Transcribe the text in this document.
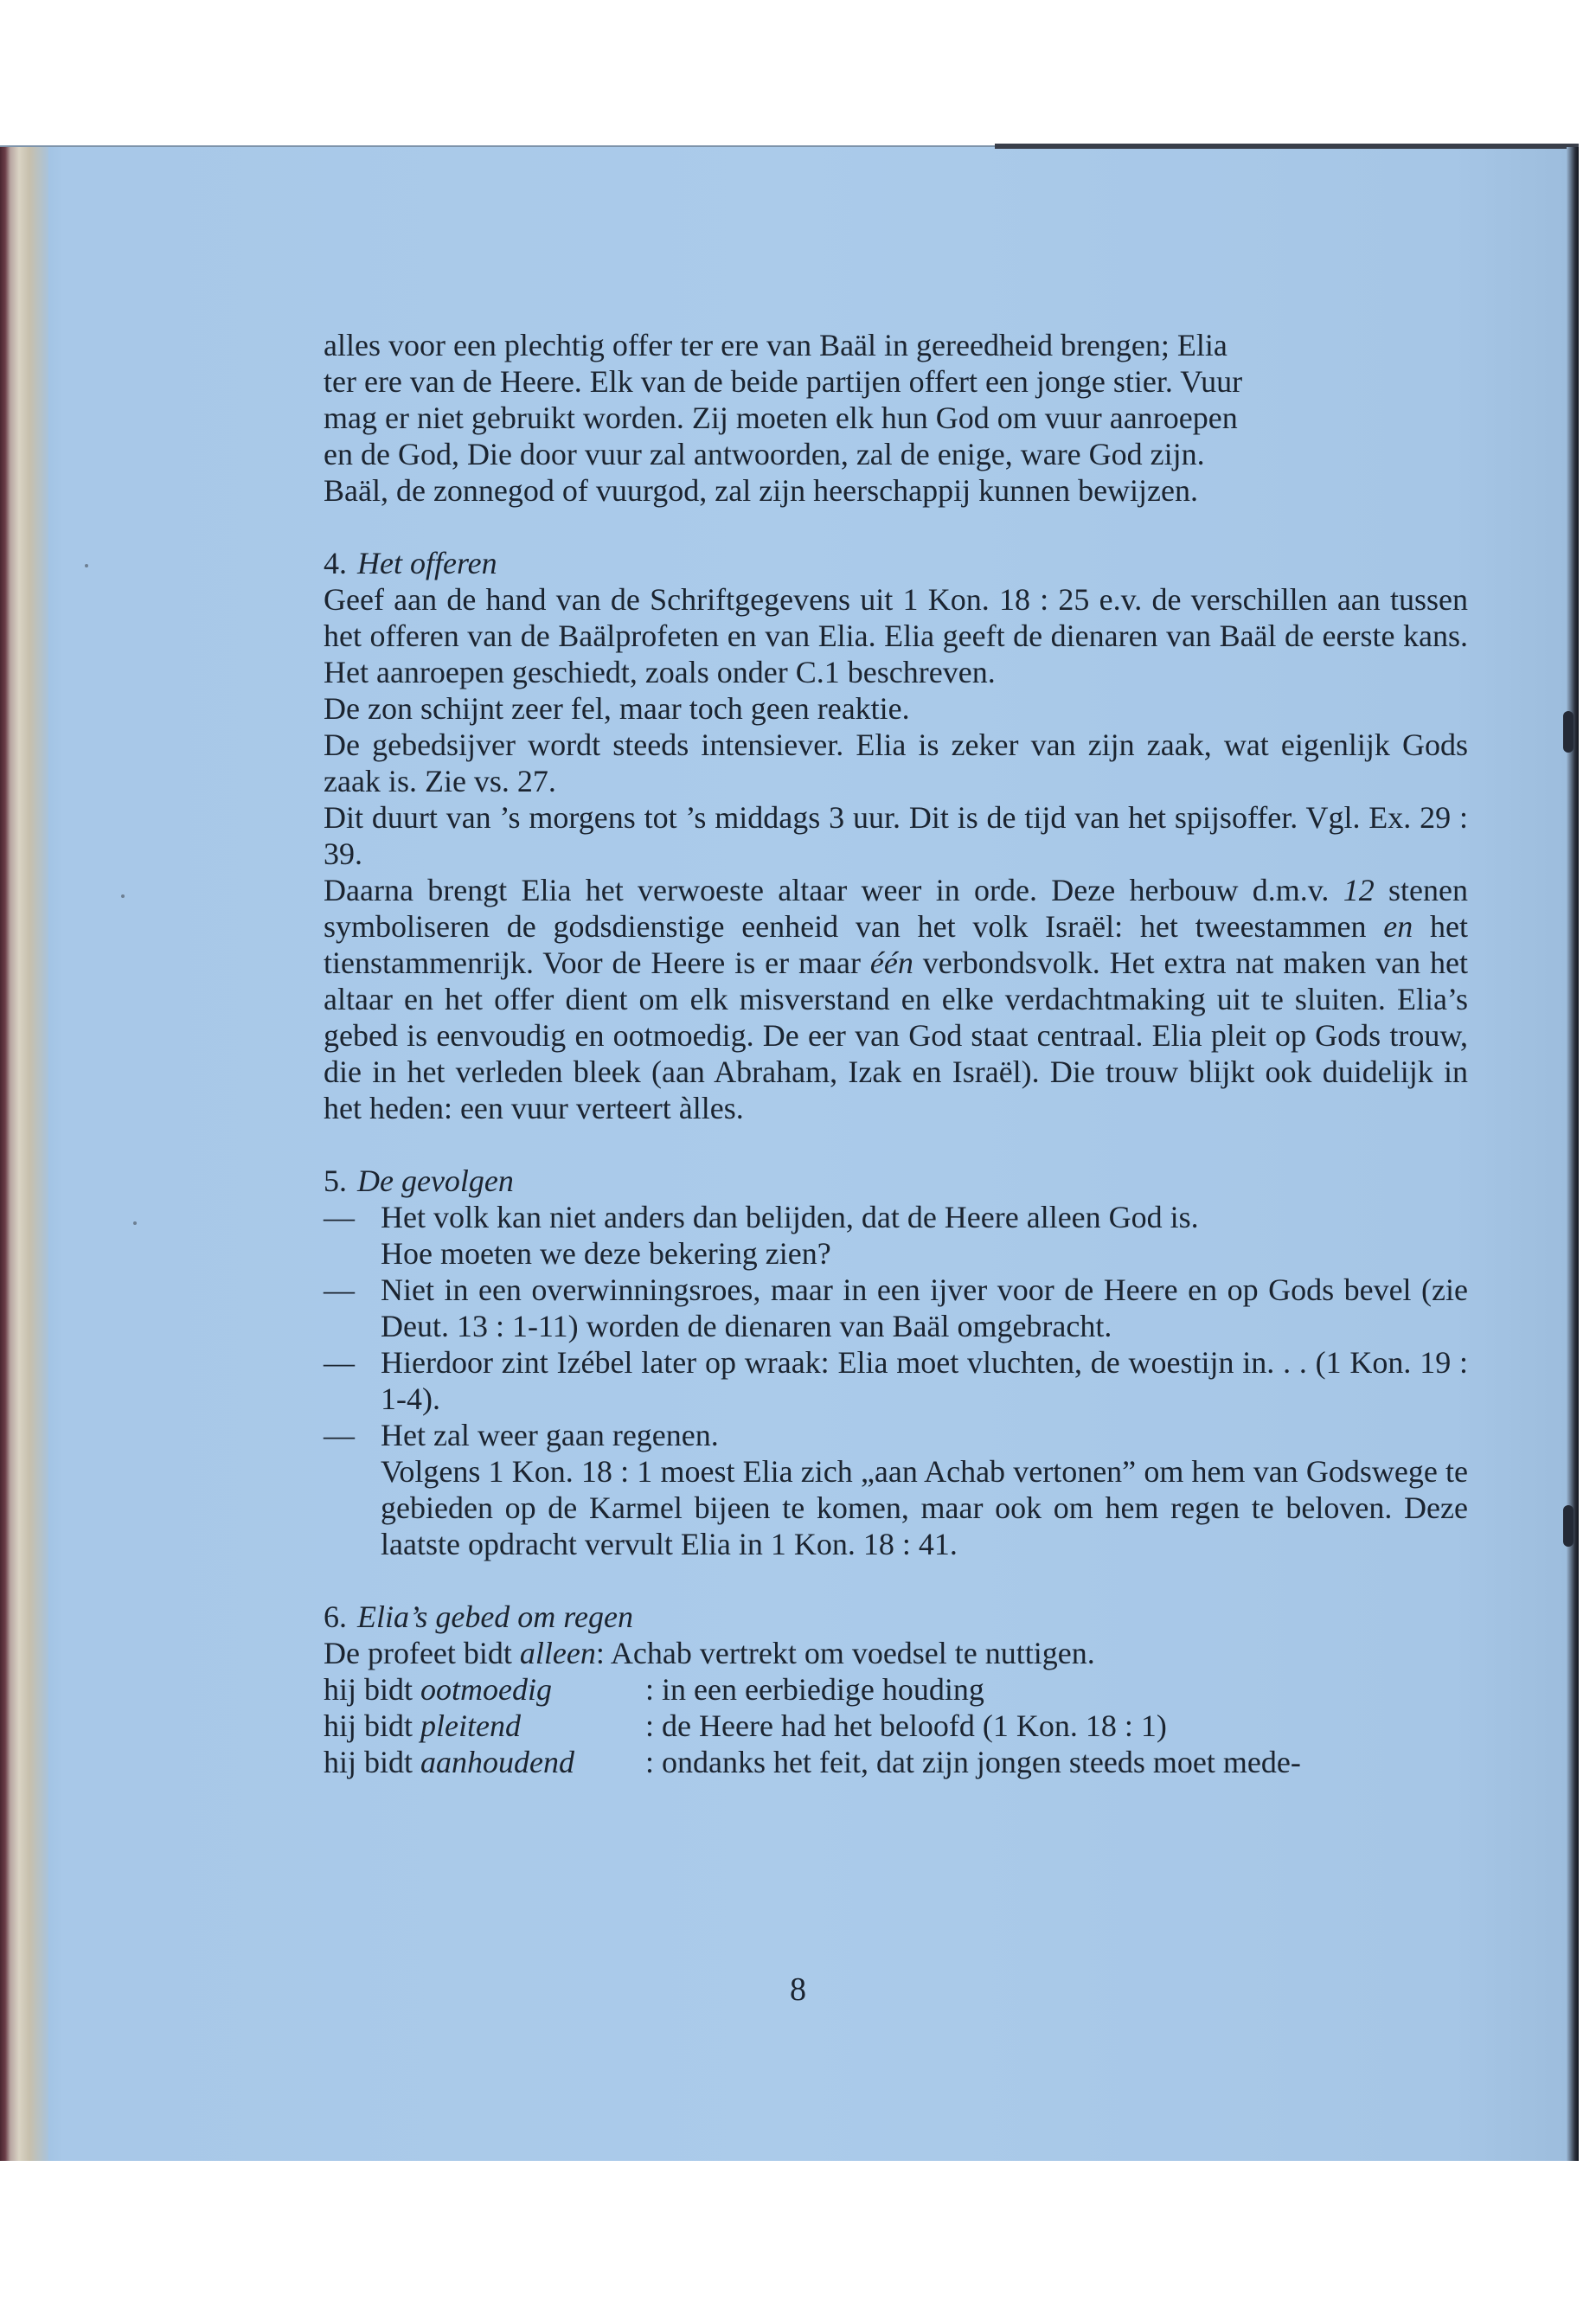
alles voor een plechtig offer ter ere van Baäl in gereedheid brengen; Elia
ter ere van de Heere. Elk van de beide partijen offert een jonge stier. Vuur
mag er niet gebruikt worden. Zij moeten elk hun God om vuur aanroepen
en de God, Die door vuur zal antwoorden, zal de enige, ware God zijn.
Baäl, de zonnegod of vuurgod, zal zijn heerschappij kunnen bewijzen.
4. Het offeren
Geef aan de hand van de Schriftgegevens uit 1 Kon. 18 : 25 e.v. de verschillen aan tussen het offeren van de Baälprofeten en van Elia. Elia geeft de dienaren van Baäl de eerste kans. Het aanroepen geschiedt, zoals onder C.1 beschreven.
De zon schijnt zeer fel, maar toch geen reaktie.
De gebedsijver wordt steeds intensiever. Elia is zeker van zijn zaak, wat eigenlijk Gods zaak is. Zie vs. 27.
Dit duurt van ’s morgens tot ’s middags 3 uur. Dit is de tijd van het spijsoffer. Vgl. Ex. 29 : 39.
Daarna brengt Elia het verwoeste altaar weer in orde. Deze herbouw d.m.v. 12 stenen symboliseren de godsdienstige eenheid van het volk Israël: het tweestammen en het tienstammenrijk. Voor de Heere is er maar één verbondsvolk. Het extra nat maken van het altaar en het offer dient om elk misverstand en elke verdachtmaking uit te sluiten. Elia’s gebed is eenvoudig en ootmoedig. De eer van God staat centraal. Elia pleit op Gods trouw, die in het verleden bleek (aan Abraham, Izak en Israël). Die trouw blijkt ook duidelijk in het heden: een vuur verteert àlles.
5. De gevolgen
— Het volk kan niet anders dan belijden, dat de Heere alleen God is.
Hoe moeten we deze bekering zien?
— Niet in een overwinningsroes, maar in een ijver voor de Heere en op Gods bevel (zie Deut. 13 : 1-11) worden de dienaren van Baäl omgebracht.
— Hierdoor zint Izébel later op wraak: Elia moet vluchten, de woestijn in. . . (1 Kon. 19 : 1-4).
— Het zal weer gaan regenen.
Volgens 1 Kon. 18 : 1 moest Elia zich „aan Achab vertonen” om hem van Godswege te gebieden op de Karmel bijeen te komen, maar ook om hem regen te beloven. Deze laatste opdracht vervult Elia in 1 Kon. 18 : 41.
6. Elia’s gebed om regen
De profeet bidt alleen: Achab vertrekt om voedsel te nuttigen.
hij bidt ootmoedig	: in een eerbiedige houding
hij bidt pleitend	: de Heere had het beloofd (1 Kon. 18 : 1)
hij bidt aanhoudend	: ondanks het feit, dat zijn jongen steeds moet mede-
8
